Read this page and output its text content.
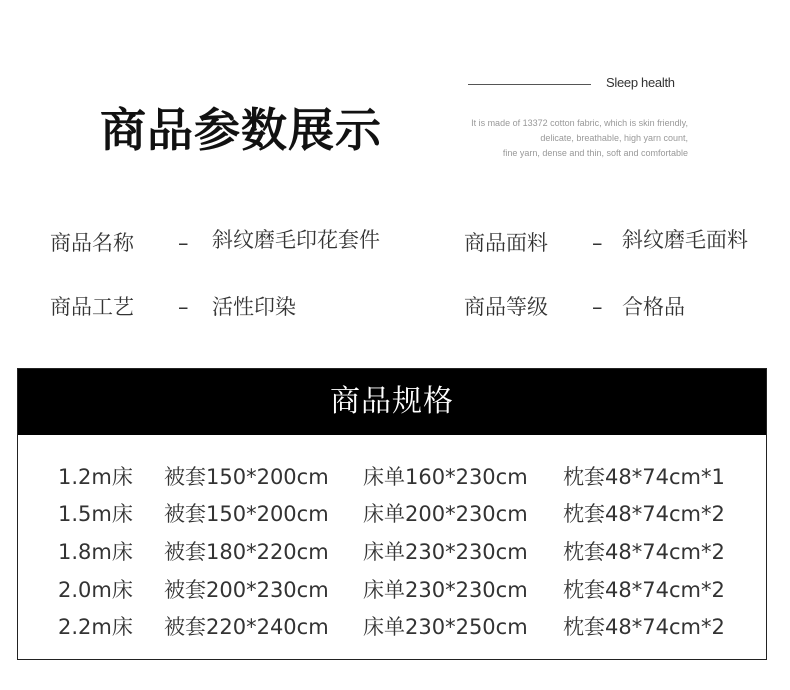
商品参数展示
Sleep health
It is made of 13372 cotton fabric, which is skin friendly,
delicate, breathable, high yarn count,
fine yarn, dense and thin, soft and comfortable
商品名称 – 斜纹磨毛印花套件	商品面料 – 斜纹磨毛面料
商品工艺 – 活性印染	商品等级 – 合格品
商品规格
1.2m床 被套150*200cm 床单160*230cm 枕套48*74cm*1
1.5m床 被套150*200cm 床单200*230cm 枕套48*74cm*2
1.8m床 被套180*220cm 床单230*230cm 枕套48*74cm*2
2.0m床 被套200*230cm 床单230*230cm 枕套48*74cm*2
2.2m床 被套220*240cm 床单230*250cm 枕套48*74cm*2
